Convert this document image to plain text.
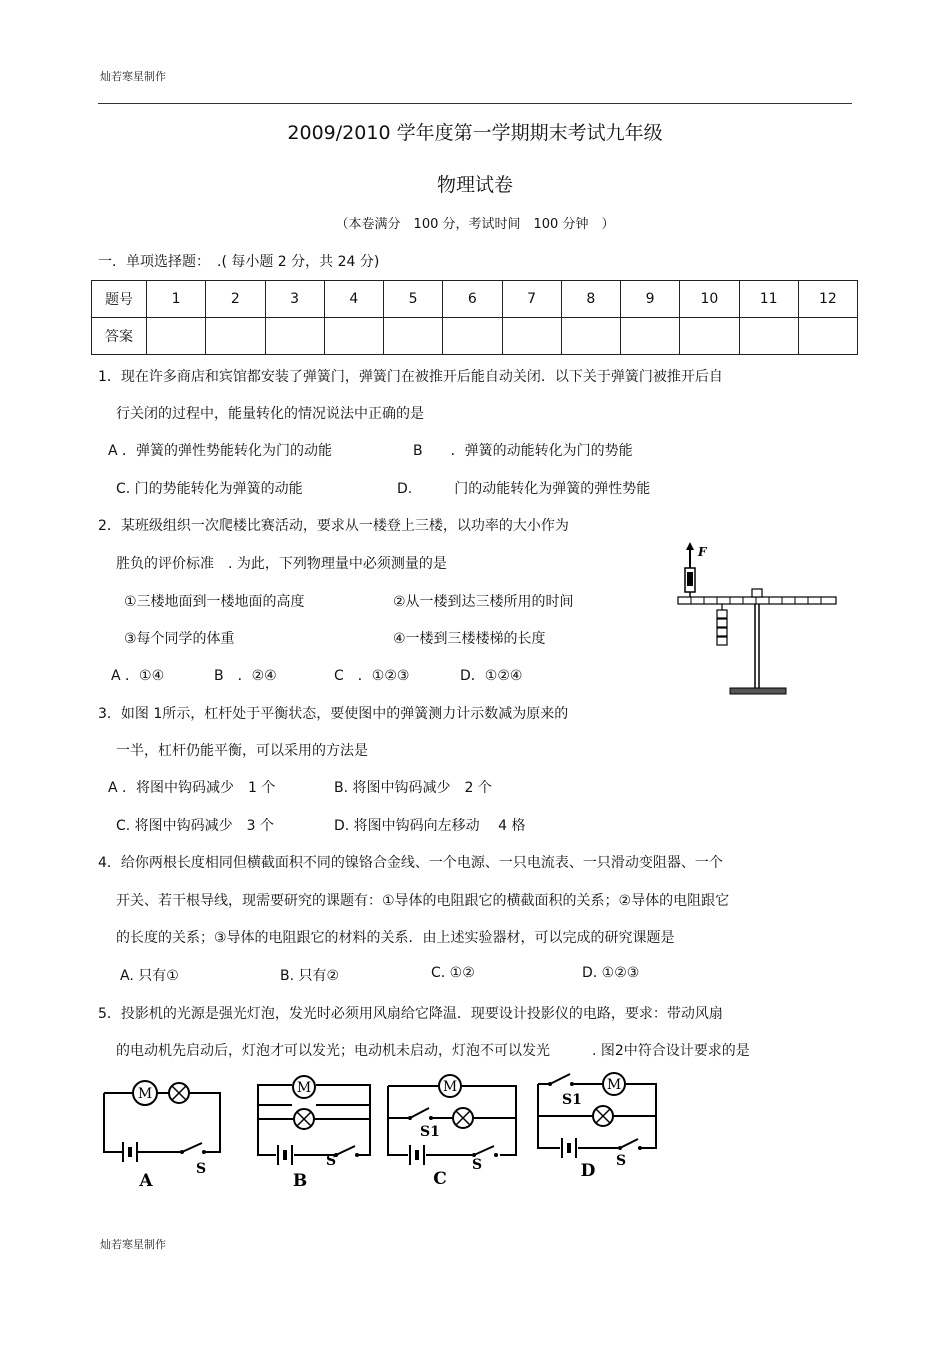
灿若寒星制作
2009/2010 学年度第一学期期末考试九年级
物理试卷
（本卷满分　100 分，考试时间　100 分钟　）
一．单项选择题：　.( 每小题 2 分，共 24 分)
题号	1	2	3	4	5	6	7	8	9	10	11	12
答案												
1．现在许多商店和宾馆都安装了弹簧门，弹簧门在被推开后能自动关闭．以下关于弹簧门被推开后自
行关闭的过程中，能量转化的情况说法中正确的是
A ．弹簧的弹性势能转化为门的动能	B　　．弹簧的动能转化为门的势能
C. 门的势能转化为弹簧的动能	D.　　　门的动能转化为弹簧的弹性势能
2．某班级组织一次爬楼比赛活动，要求从一楼登上三楼，以功率的大小作为
胜负的评价标准　. 为此，下列物理量中必须测量的是
①三楼地面到一楼地面的高度	②从一楼到达三楼所用的时间
③每个同学的体重	④一楼到三楼楼梯的长度
A ．①④	B　．②④	C　．①②③	D．①②④
F
3．如图 1所示，杠杆处于平衡状态，要使图中的弹簧测力计示数减为原来的
一半，杠杆仍能平衡，可以采用的方法是
A ．将图中钩码减少　1 个	B. 将图中钩码减少　2 个
C. 将图中钩码减少　3 个	D. 将图中钩码向左移动　 4 格
4．给你两根长度相同但横截面积不同的镍铬合金线、一个电源、一只电流表、一只滑动变阻器、一个
开关、若干根导线，现需要研究的课题有：①导体的电阻跟它的横截面积的关系；②导体的电阻跟它
的长度的关系；③导体的电阻跟它的材料的关系．由上述实验器材，可以完成的研究课题是
A. 只有①	B. 只有②	C. ①②	D. ①②③
5．投影机的光源是强光灯泡，发光时必须用风扇给它降温．现要设计投影仪的电路，要求：带动风扇
的电动机先启动后，灯泡才可以发光；电动机未启动，灯泡不可以发光　　　. 图2中符合设计要求的是
M
S
A
M
S
B
M
S1
S
C
S1
M
S
D
灿若寒星制作
